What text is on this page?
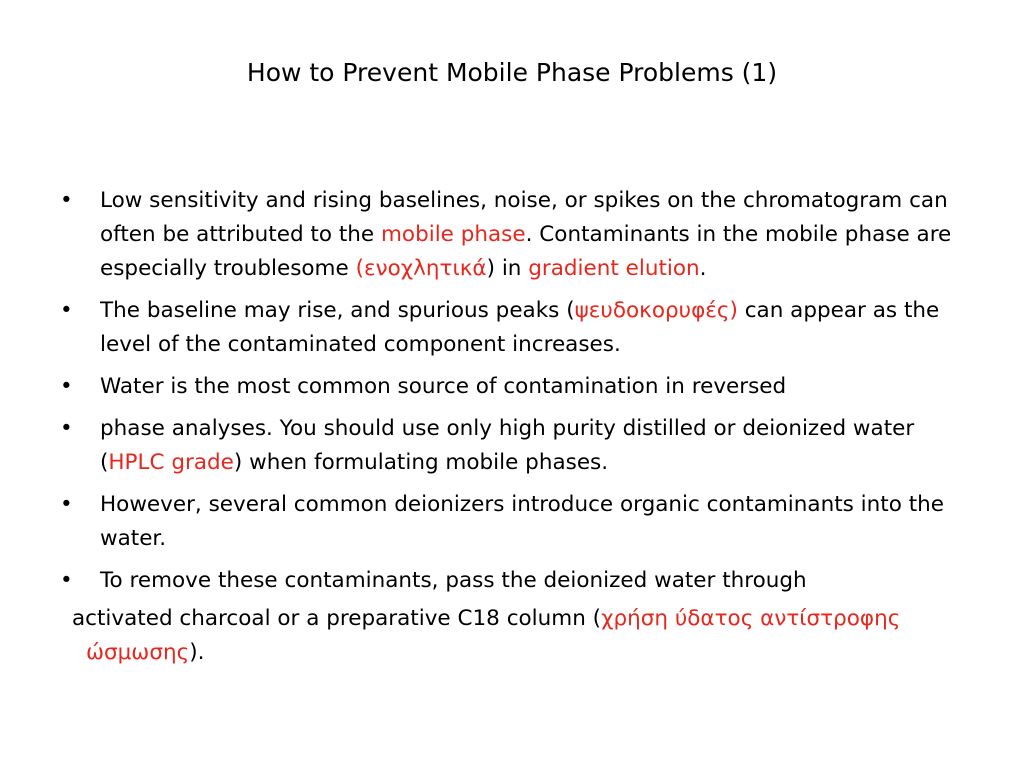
How to Prevent Mobile Phase Problems (1)
• Low sensitivity and rising baselines, noise, or spikes on the chromatogram can often be attributed to the mobile phase. Contaminants in the mobile phase are especially troublesome (ενοχλητικά) in gradient elution.
• The baseline may rise, and spurious peaks (ψευδοκορυφές) can appear as the level of the contaminated component increases.
• Water is the most common source of contamination in reversed
• phase analyses. You should use only high purity distilled or deionized water (HPLC grade) when formulating mobile phases.
• However, several common deionizers introduce organic contaminants into the water.
• To remove these contaminants, pass the deionized water through
activated charcoal or a preparative C18 column (χρήση ύδατος αντίστροφης ώσμωσης).
